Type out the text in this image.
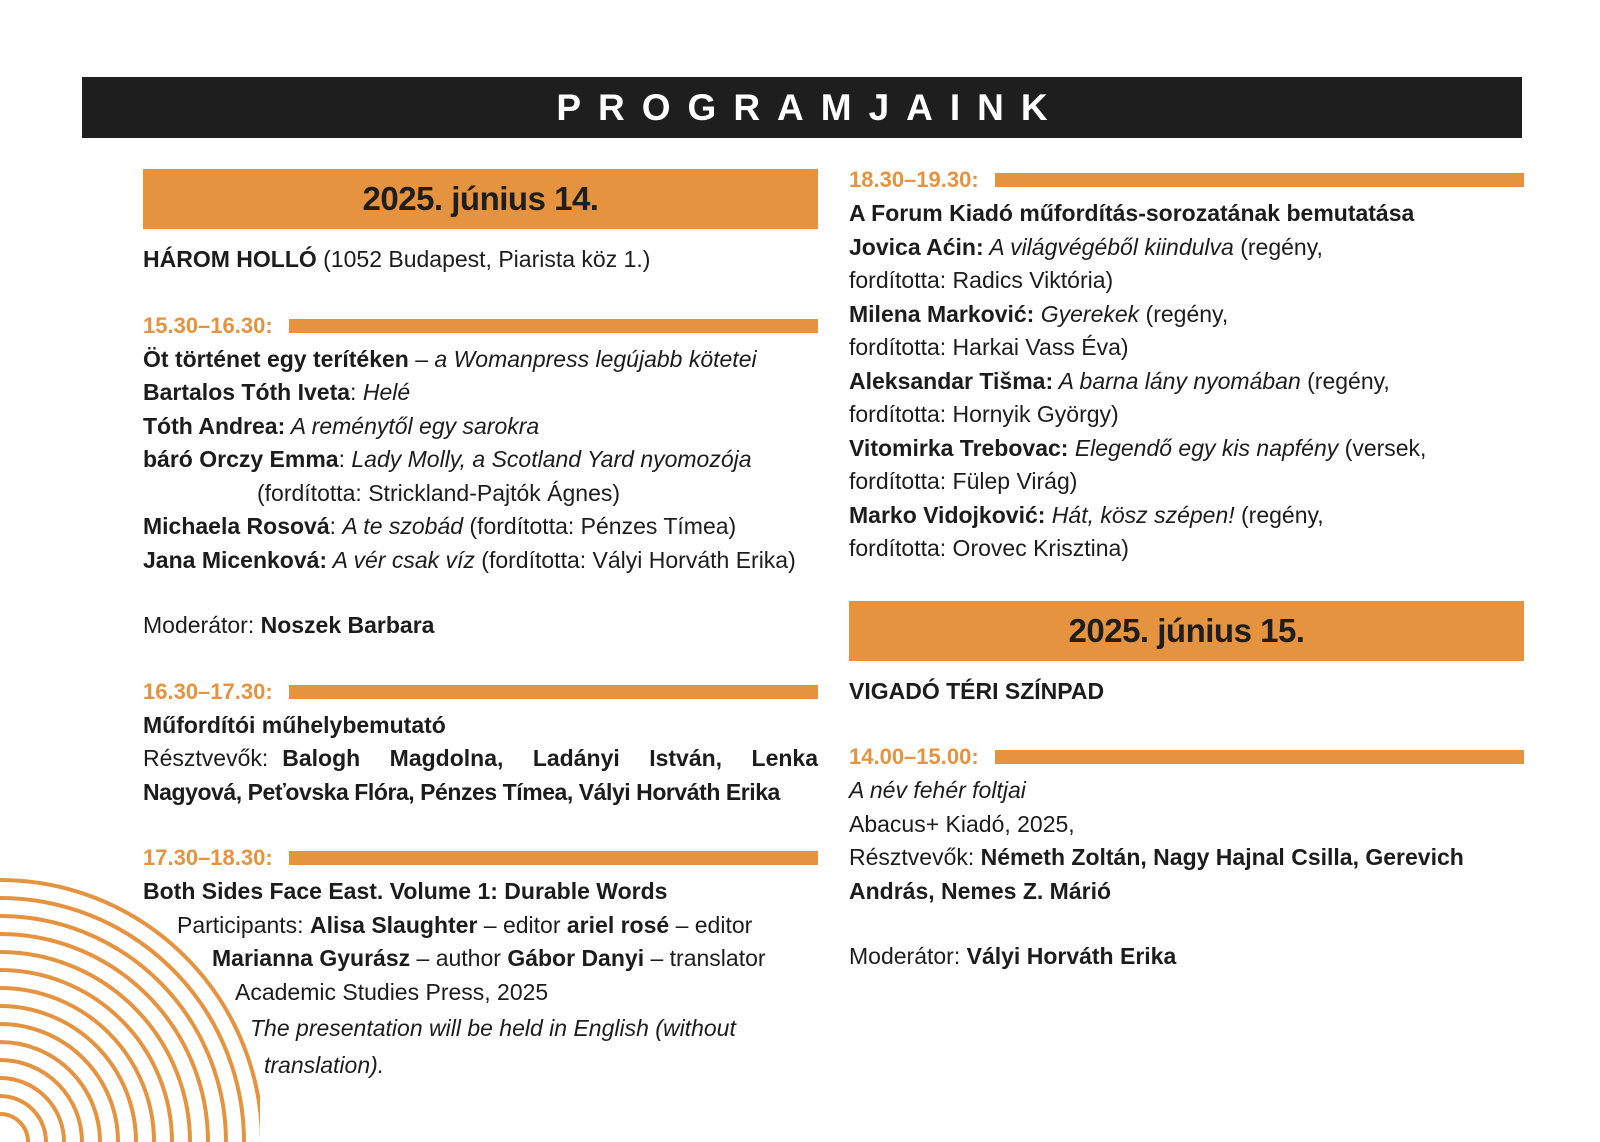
PROGRAMJAINK
2025. június 14.
HÁROM HOLLÓ (1052 Budapest, Piarista köz 1.)
15.30–16.30:
Öt történet egy terítéken – a Womanpress legújabb kötetei
Bartalos Tóth Iveta: Helé
Tóth Andrea: A reménytől egy sarokra
báró Orczy Emma: Lady Molly, a Scotland Yard nyomozója
(fordította: Strickland-Pajtók Ágnes)
Michaela Rosová: A te szobád (fordította: Pénzes Tímea)
Jana Micenková: A vér csak víz (fordította: Vályi Horváth Erika)
Moderátor: Noszek Barbara
16.30–17.30:
Műfordítói műhelybemutató
Résztvevők: Balogh Magdolna, Ladányi István, Lenka
Nagyová, Peťovska Flóra, Pénzes Tímea, Vályi Horváth Erika
17.30–18.30:
Both Sides Face East. Volume 1: Durable Words
Participants: Alisa Slaughter – editor ariel rosé – editor
Marianna Gyurász – author Gábor Danyi – translator
Academic Studies Press, 2025
The presentation will be held in English (without
translation).
18.30–19.30:
A Forum Kiadó műfordítás-sorozatának bemutatása
Jovica Aćin: A világvégéből kiindulva (regény,
fordította: Radics Viktória)
Milena Marković: Gyerekek (regény,
fordította: Harkai Vass Éva)
Aleksandar Tišma: A barna lány nyomában (regény,
fordította: Hornyik György)
Vitomirka Trebovac: Elegendő egy kis napfény (versek,
fordította: Fülep Virág)
Marko Vidojković: Hát, kösz szépen! (regény,
fordította: Orovec Krisztina)
2025. június 15.
VIGADÓ TÉRI SZÍNPAD
14.00–15.00:
A név fehér foltjai
Abacus+ Kiadó, 2025,
Résztvevők: Németh Zoltán, Nagy Hajnal Csilla, Gerevich
András, Nemes Z. Márió
Moderátor: Vályi Horváth Erika
